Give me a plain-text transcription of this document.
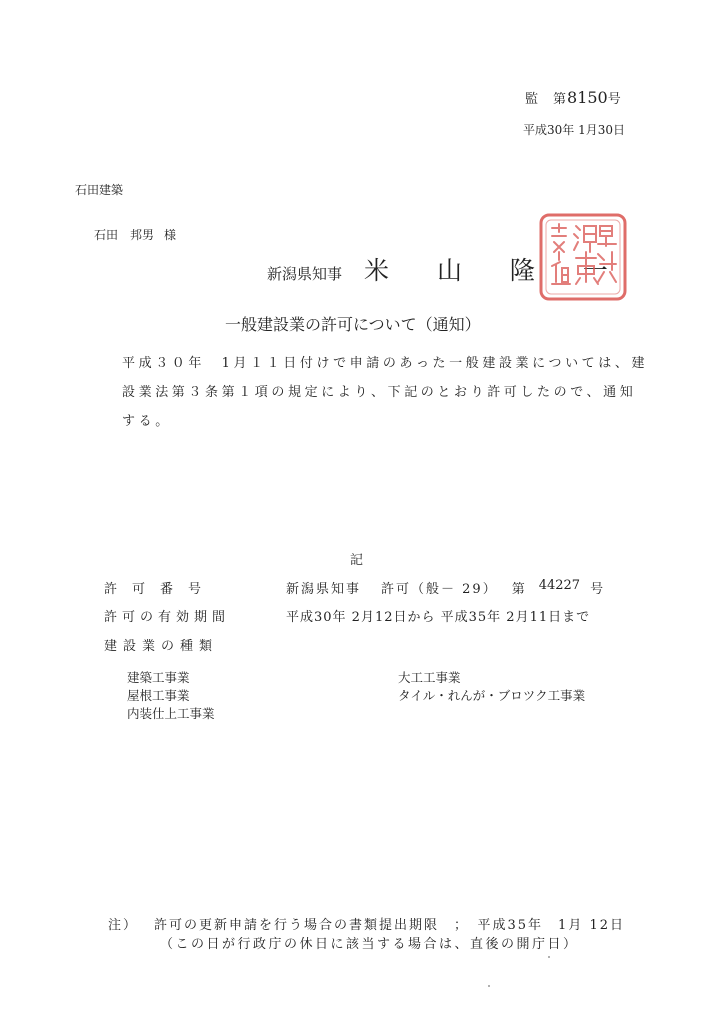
監　第8150号
平成30年 1月30日
石田建築
石田　邦男 様
新潟県知事 米 山 隆 一
一般建設業の許可について（通知）
平成３０年　1月１１日付けで申請のあった一般建設業については、建設業法第３条第１項の規定により、下記のとおり許可したので、通知する。
記
許可番号	新潟県知事 許可（般－ 29） 第 44227 号
許可の有効期間	平成30年 2月12日から 平成35年 2月11日まで
建設業の種類
建築工事業
屋根工事業
内装仕上工事業
大工工事業
タイル・れんが・ブロツク工事業
注） 許可の更新申請を行う場合の書類提出期限　；　平成35年　1月 12日
（この日が行政庁の休日に該当する場合は、直後の開庁日）
